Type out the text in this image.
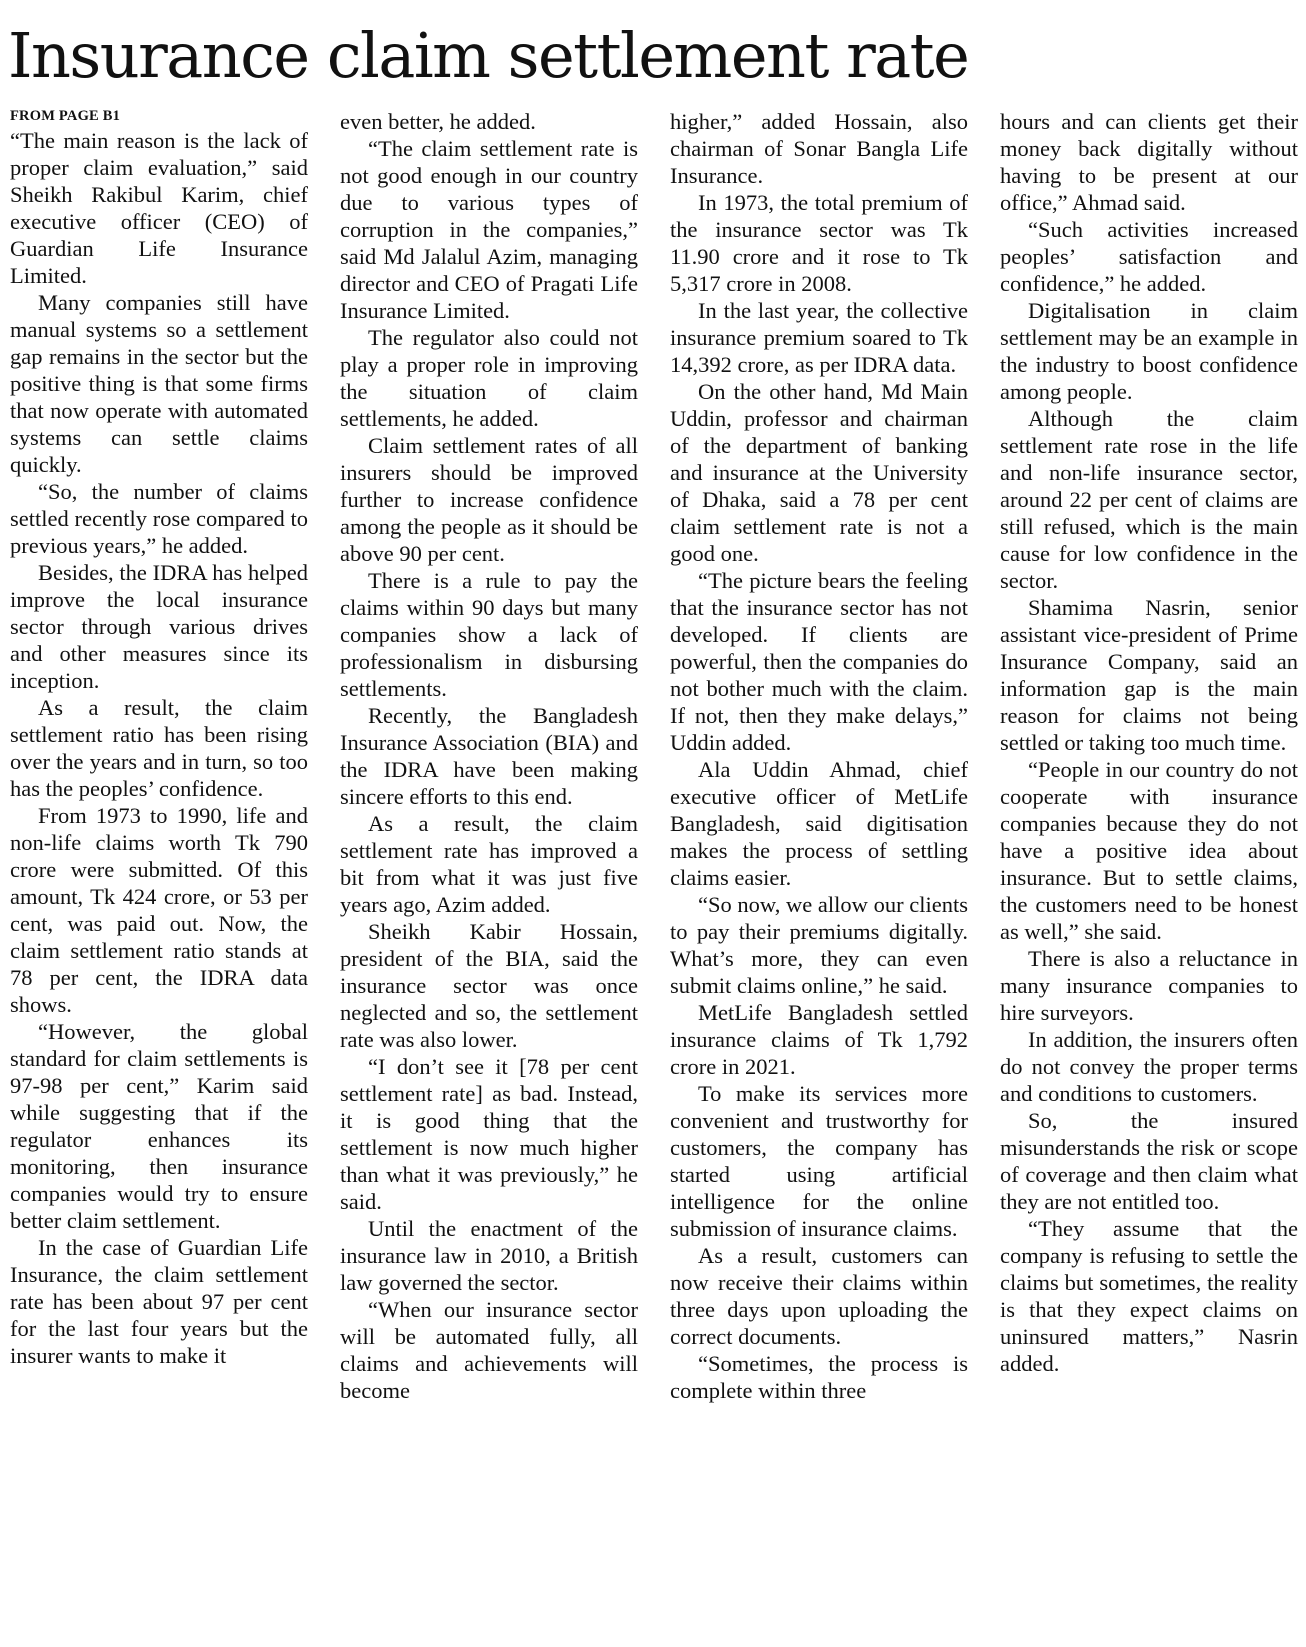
Insurance claim settlement rate
FROM PAGE B1

“The main reason is the lack of proper claim evaluation,” said Sheikh Rakibul Karim, chief executive officer (CEO) of Guardian Life Insurance Limited.

Many companies still have manual systems so a settlement gap remains in the sector but the positive thing is that some firms that now operate with automated systems can settle claims quickly.

“So, the number of claims settled recently rose compared to previous years,” he added.

Besides, the IDRA has helped improve the local insurance sector through various drives and other measures since its inception.

As a result, the claim settlement ratio has been rising over the years and in turn, so too has the peoples’ confidence.

From 1973 to 1990, life and non-life claims worth Tk 790 crore were submitted. Of this amount, Tk 424 crore, or 53 per cent, was paid out. Now, the claim settlement ratio stands at 78 per cent, the IDRA data shows.

“However, the global standard for claim settlements is 97-98 per cent,” Karim said while suggesting that if the regulator enhances its monitoring, then insurance companies would try to ensure better claim settlement.

In the case of Guardian Life Insurance, the claim settlement rate has been about 97 per cent for the last four years but the insurer wants to make it

even better, he added.

“The claim settlement rate is not good enough in our country due to various types of corruption in the companies,” said Md Jalalul Azim, managing director and CEO of Pragati Life Insurance Limited.

The regulator also could not play a proper role in improving the situation of claim settlements, he added.

Claim settlement rates of all insurers should be improved further to increase confidence among the people as it should be above 90 per cent.

There is a rule to pay the claims within 90 days but many companies show a lack of professionalism in disbursing settlements.

Recently, the Bangladesh Insurance Association (BIA) and the IDRA have been making sincere efforts to this end.

As a result, the claim settlement rate has improved a bit from what it was just five years ago, Azim added.

Sheikh Kabir Hossain, president of the BIA, said the insurance sector was once neglected and so, the settlement rate was also lower.

“I don’t see it [78 per cent settlement rate] as bad. Instead, it is good thing that the settlement is now much higher than what it was previously,” he said.

Until the enactment of the insurance law in 2010, a British law governed the sector.

“When our insurance sector will be automated fully, all claims and achievements will become

higher,” added Hossain, also chairman of Sonar Bangla Life Insurance.

In 1973, the total premium of the insurance sector was Tk 11.90 crore and it rose to Tk 5,317 crore in 2008.

In the last year, the collective insurance premium soared to Tk 14,392 crore, as per IDRA data.

On the other hand, Md Main Uddin, professor and chairman of the department of banking and insurance at the University of Dhaka, said a 78 per cent claim settlement rate is not a good one.

“The picture bears the feeling that the insurance sector has not developed. If clients are powerful, then the companies do not bother much with the claim. If not, then they make delays,” Uddin added.

Ala Uddin Ahmad, chief executive officer of MetLife Bangladesh, said digitisation makes the process of settling claims easier.

“So now, we allow our clients to pay their premiums digitally. What’s more, they can even submit claims online,” he said.

MetLife Bangladesh settled insurance claims of Tk 1,792 crore in 2021.

To make its services more convenient and trustworthy for customers, the company has started using artificial intelligence for the online submission of insurance claims.

As a result, customers can now receive their claims within three days upon uploading the correct documents.

“Sometimes, the process is complete within three

hours and can clients get their money back digitally without having to be present at our office,” Ahmad said.

“Such activities increased peoples’ satisfaction and confidence,” he added.

Digitalisation in claim settlement may be an example in the industry to boost confidence among people.

Although the claim settlement rate rose in the life and non-life insurance sector, around 22 per cent of claims are still refused, which is the main cause for low confidence in the sector.

Shamima Nasrin, senior assistant vice-president of Prime Insurance Company, said an information gap is the main reason for claims not being settled or taking too much time.

“People in our country do not cooperate with insurance companies because they do not have a positive idea about insurance. But to settle claims, the customers need to be honest as well,” she said.

There is also a reluctance in many insurance companies to hire surveyors.

In addition, the insurers often do not convey the proper terms and conditions to customers.

So, the insured misunderstands the risk or scope of coverage and then claim what they are not entitled too.

“They assume that the company is refusing to settle the claims but sometimes, the reality is that they expect claims on uninsured matters,” Nasrin added.
